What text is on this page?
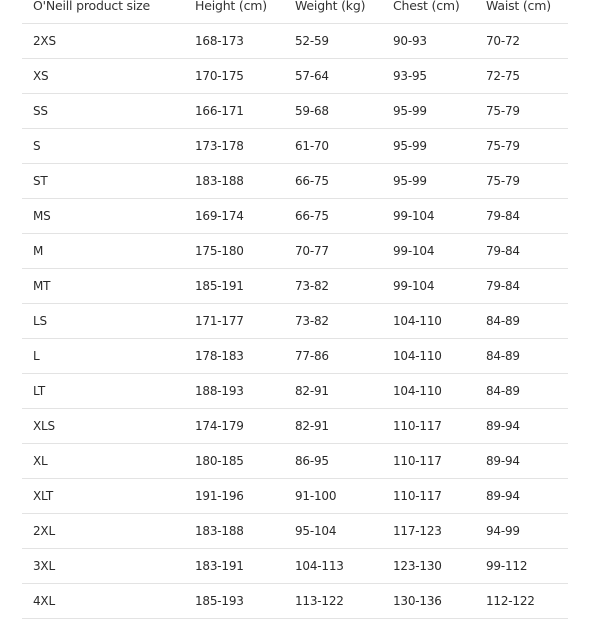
O'Neill product size	Height (cm)	Weight (kg)	Chest (cm)	Waist (cm)
2XS	168-173	52-59	90-93	70-72
XS	170-175	57-64	93-95	72-75
SS	166-171	59-68	95-99	75-79
S	173-178	61-70	95-99	75-79
ST	183-188	66-75	95-99	75-79
MS	169-174	66-75	99-104	79-84
M	175-180	70-77	99-104	79-84
MT	185-191	73-82	99-104	79-84
LS	171-177	73-82	104-110	84-89
L	178-183	77-86	104-110	84-89
LT	188-193	82-91	104-110	84-89
XLS	174-179	82-91	110-117	89-94
XL	180-185	86-95	110-117	89-94
XLT	191-196	91-100	110-117	89-94
2XL	183-188	95-104	117-123	94-99
3XL	183-191	104-113	123-130	99-112
4XL	185-193	113-122	130-136	112-122
